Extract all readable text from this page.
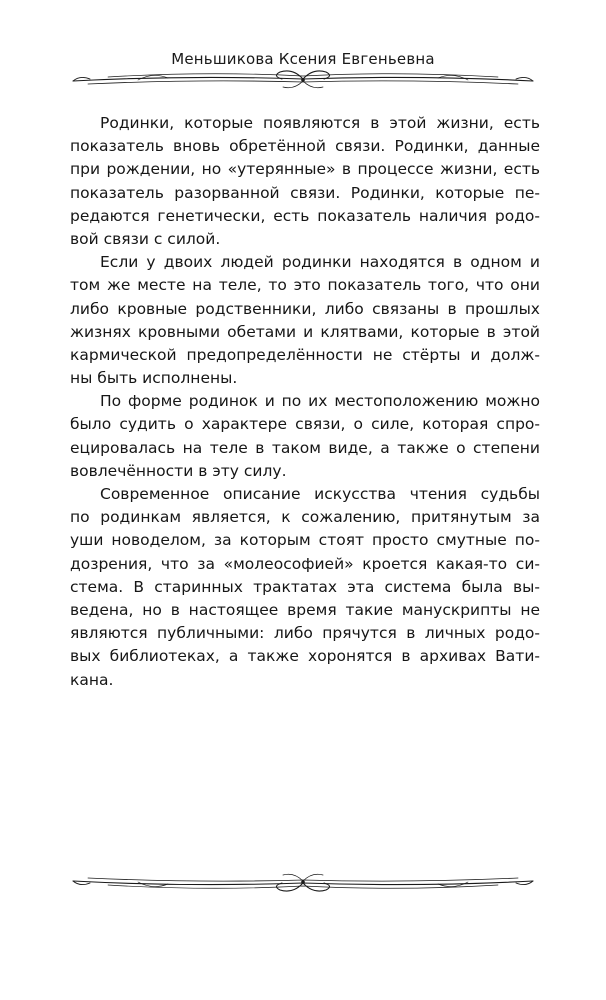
Меньшикова Ксения Евгеньевна
Родинки, которые появляются в этой жизни, есть
показатель вновь обретённой связи. Родинки, данные
при рождении, но «утерянные» в процессе жизни, есть
показатель разорванной связи. Родинки, которые пе-
редаются генетически, есть показатель наличия родо-
вой связи с силой.
Если у двоих людей родинки находятся в одном и
том же месте на теле, то это показатель того, что они
либо кровные родственники, либо связаны в прошлых
жизнях кровными обетами и клятвами, которые в этой
кармической предопределённости не стёрты и долж-
ны быть исполнены.
По форме родинок и по их местоположению можно
было судить о характере связи, о силе, которая спро-
ецировалась на теле в таком виде, а также о степени
вовлечённости в эту силу.
Современное описание искусства чтения судьбы
по родинкам является, к сожалению, притянутым за
уши новоделом, за которым стоят просто смутные по-
дозрения, что за «молеософией» кроется какая-то си-
стема. В старинных трактатах эта система была вы-
ведена, но в настоящее время такие манускрипты не
являются публичными: либо прячутся в личных родо-
вых библиотеках, а также хоронятся в архивах Вати-
кана.
